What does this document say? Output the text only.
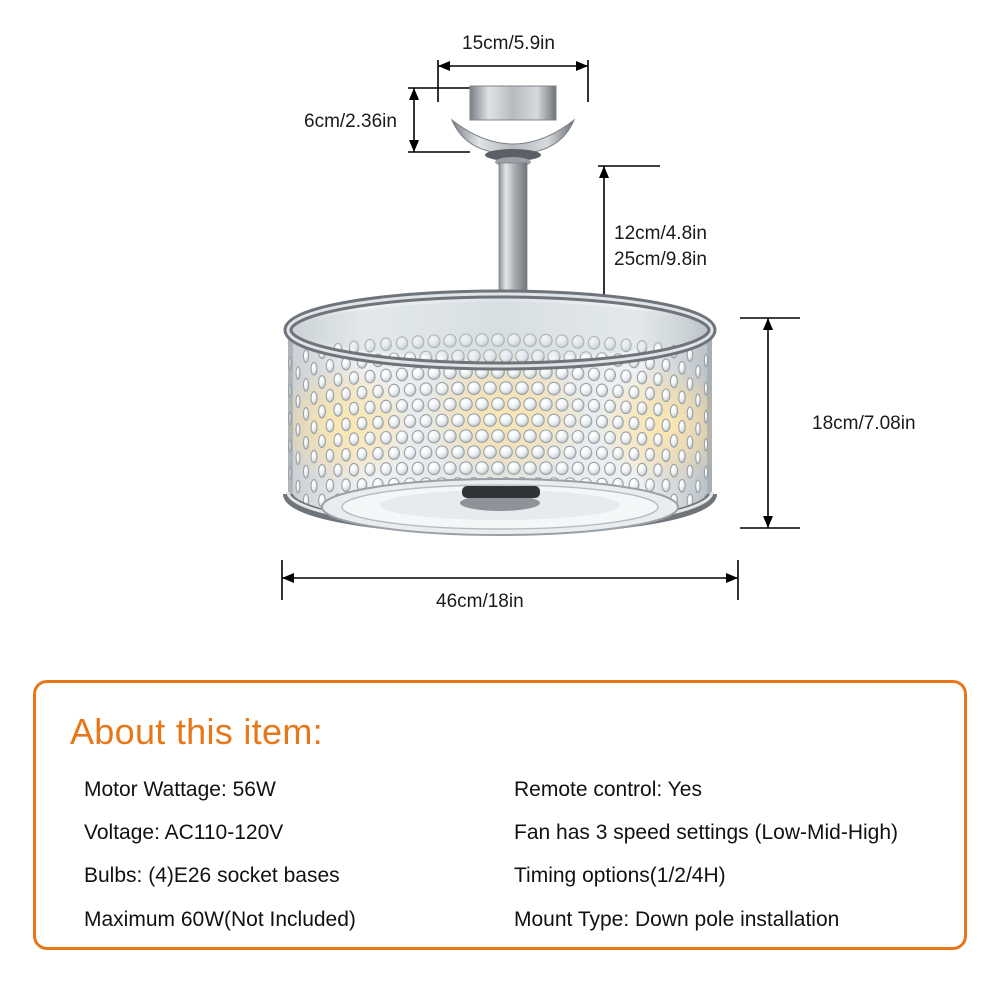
15cm/5.9in
6cm/2.36in
12cm/4.8in
25cm/9.8in
18cm/7.08in
46cm/18in
About this item:
Motor Wattage: 56W
Voltage: AC110-120V
Bulbs: (4)E26 socket bases
Maximum 60W(Not Included)
Remote control: Yes
Fan has 3 speed settings (Low-Mid-High)
Timing options(1/2/4H)
Mount Type: Down pole installation
